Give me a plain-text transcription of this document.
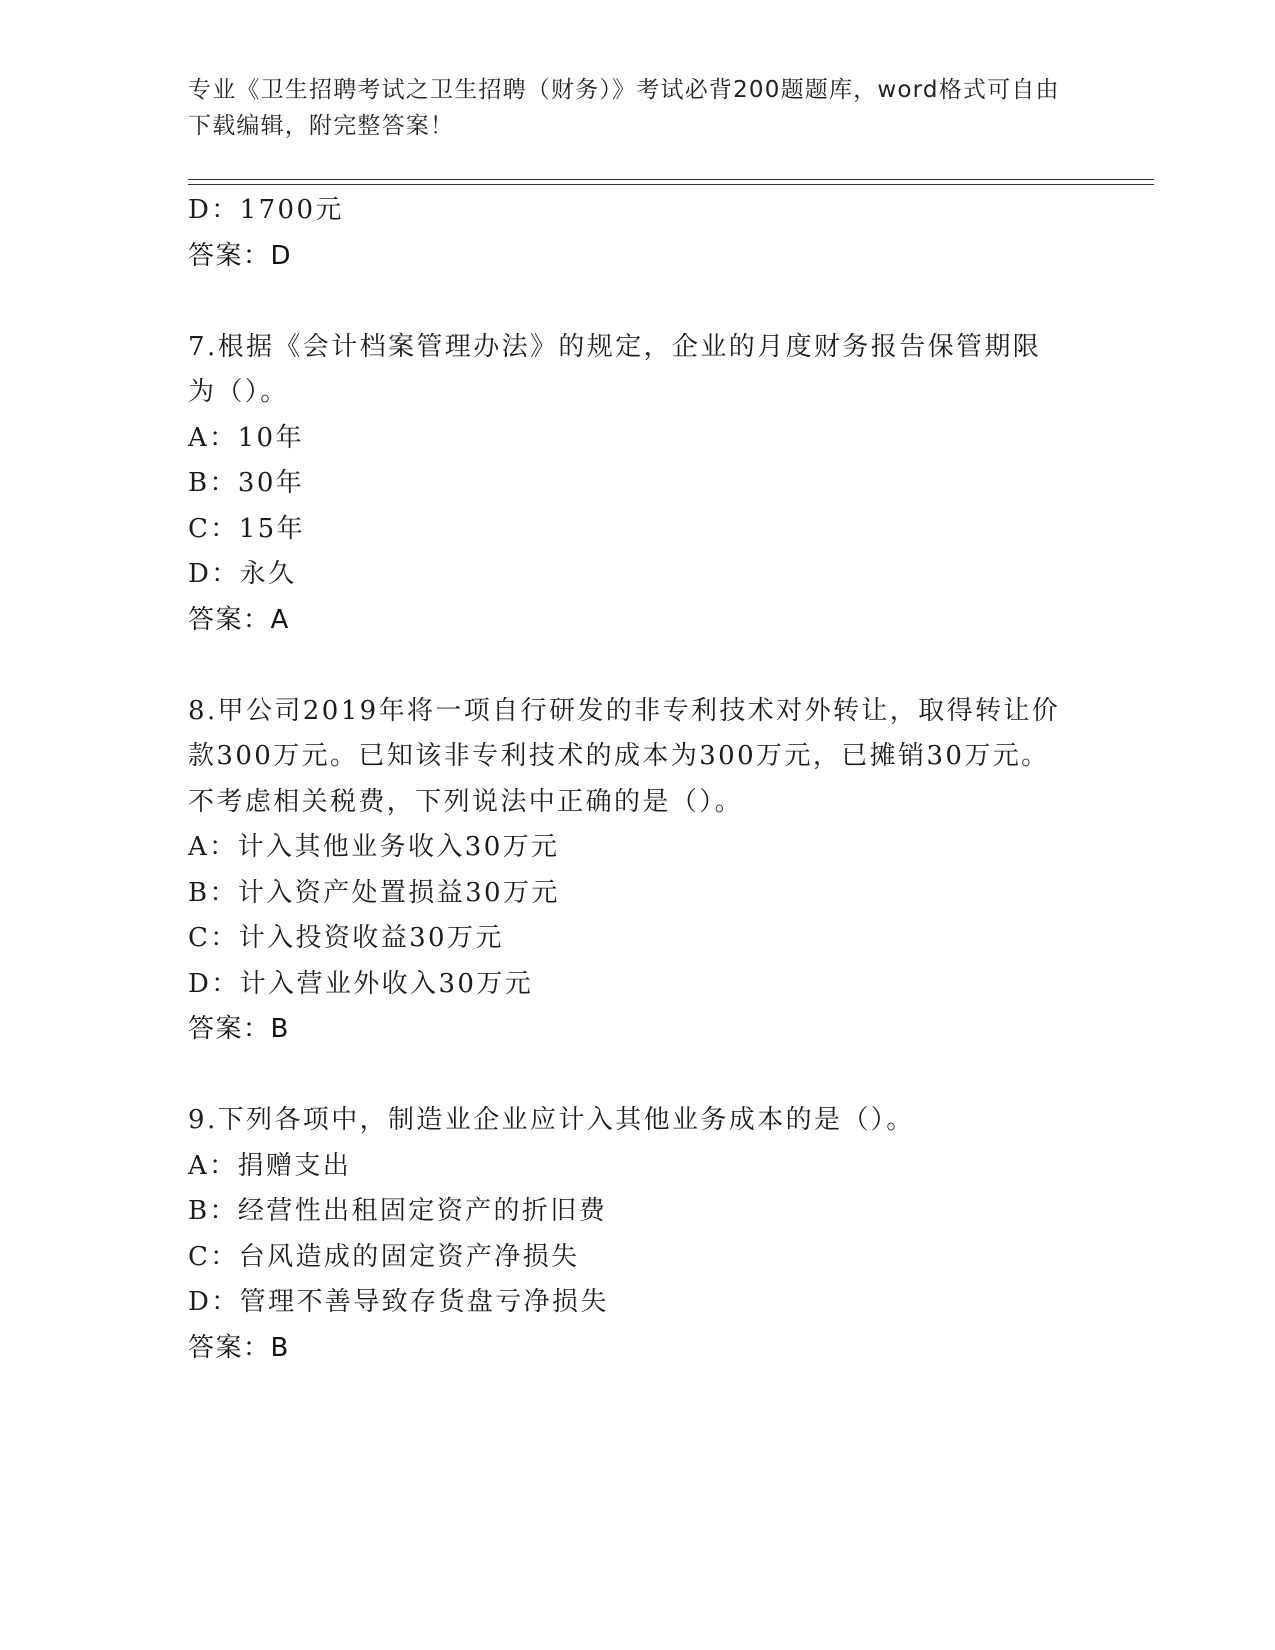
专业《卫生招聘考试之卫生招聘（财务）》考试必背200题题库，word格式可自由下载编辑，附完整答案！
D：1700元
答案：D
7.根据《会计档案管理办法》的规定，企业的月度财务报告保管期限
为（）。
A：10年
B：30年
C：15年
D：永久
答案：A
8.甲公司2019年将一项自行研发的非专利技术对外转让，取得转让价
款300万元。已知该非专利技术的成本为300万元，已摊销30万元。
不考虑相关税费，下列说法中正确的是（）。
A：计入其他业务收入30万元
B：计入资产处置损益30万元
C：计入投资收益30万元
D：计入营业外收入30万元
答案：B
9.下列各项中，制造业企业应计入其他业务成本的是（）。
A：捐赠支出
B：经营性出租固定资产的折旧费
C：台风造成的固定资产净损失
D：管理不善导致存货盘亏净损失
答案：B
